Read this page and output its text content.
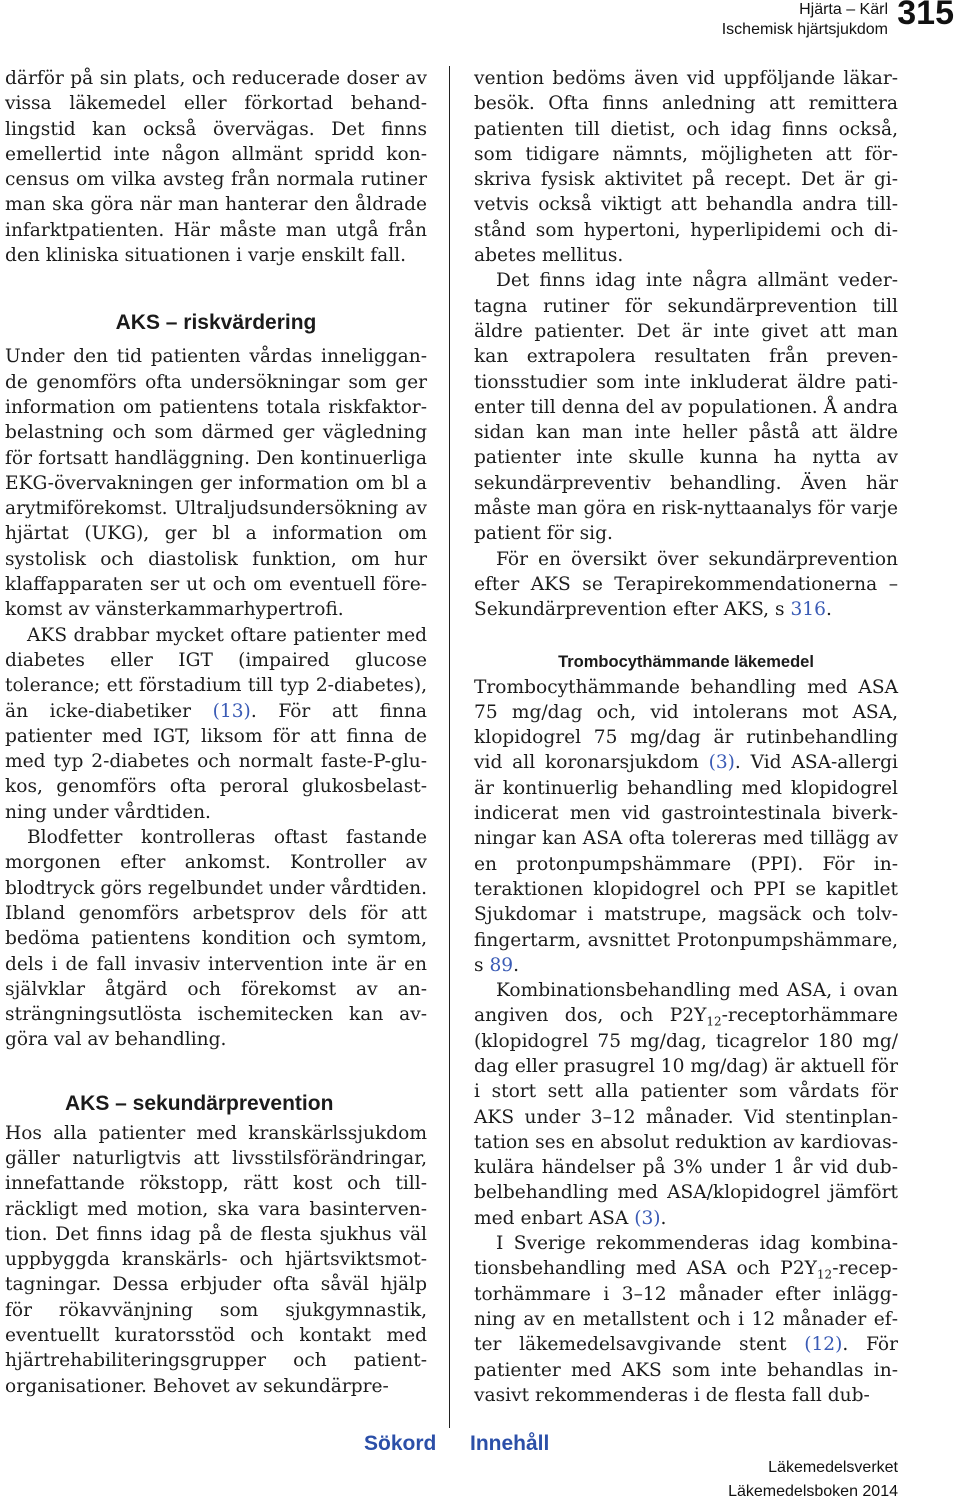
Hjärta – Kärl
Ischemisk hjärtsjukdom 315

därför på sin plats, och reducerade doser av vissa läkemedel eller förkortad behandlingstid kan också övervägas. Det finns emellertid inte någon allmänt spridd koncensus om vilka avsteg från normala rutiner man ska göra när man hanterar den åldrade infarktpatienten. Här måste man utgå från den kliniska situationen i varje enskilt fall.

AKS – riskvärdering

Under den tid patienten vårdas inneliggande genomförs ofta undersökningar som ger information om patientens totala riskfaktorbelastning och som därmed ger vägledning för fortsatt handläggning. Den kontinuerliga EKG-övervakningen ger information om bl a arytmiförekomst. Ultraljudsundersökning av hjärtat (UKG), ger bl a information om systolisk och diastolisk funktion, om hur klaffapparaten ser ut och om eventuell förekomst av vänsterkammarhypertrofi.

AKS drabbar mycket oftare patienter med diabetes eller IGT (impaired glucose tolerance; ett förstadium till typ 2-diabetes), än icke-diabetiker (13). För att finna patienter med IGT, liksom för att finna de med typ 2-diabetes och normalt faste-P-glukos, genomförs ofta peroral glukosbelastning under vårdtiden.

Blodfetter kontrolleras oftast fastande morgonen efter ankomst. Kontroller av blodtryck görs regelbundet under vårdtiden. Ibland genomförs arbetsprov dels för att bedöma patientens kondition och symtom, dels i de fall invasiv intervention inte är en självklar åtgärd och förekomst av ansträngningsutlösta ischemitecken kan avgöra val av behandling.

AKS – sekundärprevention

Hos alla patienter med kranskärlssjukdom gäller naturligtvis att livsstilsförändringar, innefattande rökstopp, rätt kost och tillräckligt med motion, ska vara basintervention. Det finns idag på de flesta sjukhus väl uppbyggda kranskärls- och hjärtsviktsmottagningar. Dessa erbjuder ofta såväl hjälp för rökavvänjning som sjukgymnastik, eventuellt kuratorsstöd och kontakt med hjärtrehabiliteringsgrupper och patientorganisationer. Behovet av sekundärpre-

vention bedöms även vid uppföljande läkarbesök. Ofta finns anledning att remittera patienten till dietist, och idag finns också, som tidigare nämnts, möjligheten att förskriva fysisk aktivitet på recept. Det är givetvis också viktigt att behandla andra tillstånd som hypertoni, hyperlipidemi och diabetes mellitus.

Det finns idag inte några allmänt vedertagna rutiner för sekundärprevention till äldre patienter. Det är inte givet att man kan extrapolera resultaten från preventionsstudier som inte inkluderat äldre patienter till denna del av populationen. Å andra sidan kan man inte heller påstå att äldre patienter inte skulle kunna ha nytta av sekundärpreventiv behandling. Även här måste man göra en risk-nyttaanalys för varje patient för sig.

För en översikt över sekundärprevention efter AKS se Terapirekommendationerna – Sekundärprevention efter AKS, s 316.

Trombocythämmande läkemedel

Trombocythämmande behandling med ASA 75 mg/dag och, vid intolerans mot ASA, klopidogrel 75 mg/dag är rutinbehandling vid all koronarsjukdom (3). Vid ASA-allergi är kontinuerlig behandling med klopidogrel indicerat men vid gastrointestinala biverkningar kan ASA ofta tolereras med tillägg av en protonpumpshämmare (PPI). För interaktionen klopidogrel och PPI se kapitlet Sjukdomar i matstrupe, magsäck och tolvfingertarm, avsnittet Protonpumpshämmare, s 89.

Kombinationsbehandling med ASA, i ovan angiven dos, och $P2Y_{12}$-receptorhämmare (klopidogrel 75 mg/dag, ticagrelor 180 mg/ dag eller prasugrel 10 mg/dag) är aktuell för i stort sett alla patienter som vårdats för AKS under 3–12 månader. Vid stentinplantation ses en absolut reduktion av kardiovaskulära händelser på 3% under 1 år vid dubbelbehandling med ASA/klopidogrel jämfört med enbart ASA (3).

I Sverige rekommenderas idag kombinationsbehandling med ASA och $P2Y_{12}$-receptorhämmare i 3–12 månader efter inläggning av en metallstent och i 12 månader efter läkemedelsavgivande stent (12). För patienter med AKS som inte behandlas invasivt rekommenderas i de flesta fall dub-

Sökord Innehåll
Läkemedelsverket
Läkemedelsboken 2014
